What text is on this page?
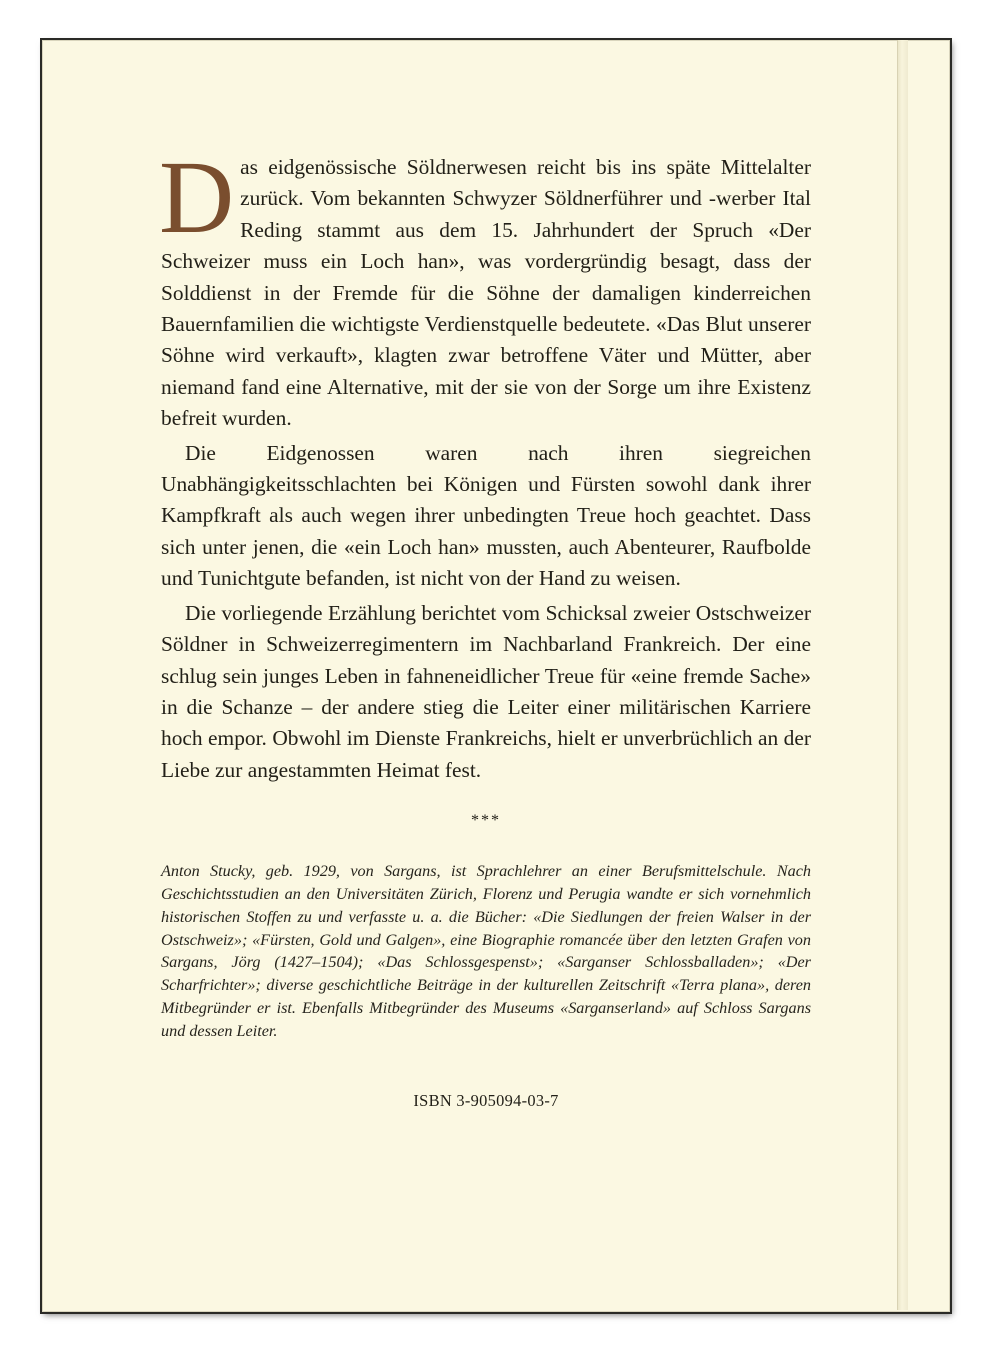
Das eidgenössische Söldnerwesen reicht bis ins späte Mittelalter zurück. Vom bekannten Schwyzer Söldnerführer und -werber Ital Reding stammt aus dem 15. Jahrhundert der Spruch «Der Schweizer muss ein Loch han», was vordergründig besagt, dass der Solddienst in der Fremde für die Söhne der damaligen kinderreichen Bauernfamilien die wichtigste Verdienstquelle bedeutete. «Das Blut unserer Söhne wird verkauft», klagten zwar betroffene Väter und Mütter, aber niemand fand eine Alternative, mit der sie von der Sorge um ihre Existenz befreit wurden.

Die Eidgenossen waren nach ihren siegreichen Unabhängigkeitsschlachten bei Königen und Fürsten sowohl dank ihrer Kampfkraft als auch wegen ihrer unbedingten Treue hoch geachtet. Dass sich unter jenen, die «ein Loch han» mussten, auch Abenteurer, Raufbolde und Tunichtgute befanden, ist nicht von der Hand zu weisen.

Die vorliegende Erzählung berichtet vom Schicksal zweier Ostschweizer Söldner in Schweizerregimentern im Nachbarland Frankreich. Der eine schlug sein junges Leben in fahneneidlicher Treue für «eine fremde Sache» in die Schanze – der andere stieg die Leiter einer militärischen Karriere hoch empor. Obwohl im Dienste Frankreichs, hielt er unverbrüchlich an der Liebe zur angestammten Heimat fest.

***

Anton Stucky, geb. 1929, von Sargans, ist Sprachlehrer an einer Berufsmittelschule. Nach Geschichtsstudien an den Universitäten Zürich, Florenz und Perugia wandte er sich vornehmlich historischen Stoffen zu und verfasste u. a. die Bücher: «Die Siedlungen der freien Walser in der Ostschweiz»; «Fürsten, Gold und Galgen», eine Biographie romancée über den letzten Grafen von Sargans, Jörg (1427–1504); «Das Schlossgespenst»; «Sarganser Schlossballaden»; «Der Scharfrichter»; diverse geschichtliche Beiträge in der kulturellen Zeitschrift «Terra plana», deren Mitbegründer er ist. Ebenfalls Mitbegründer des Museums «Sarganserland» auf Schloss Sargans und dessen Leiter.

ISBN 3-905094-03-7
